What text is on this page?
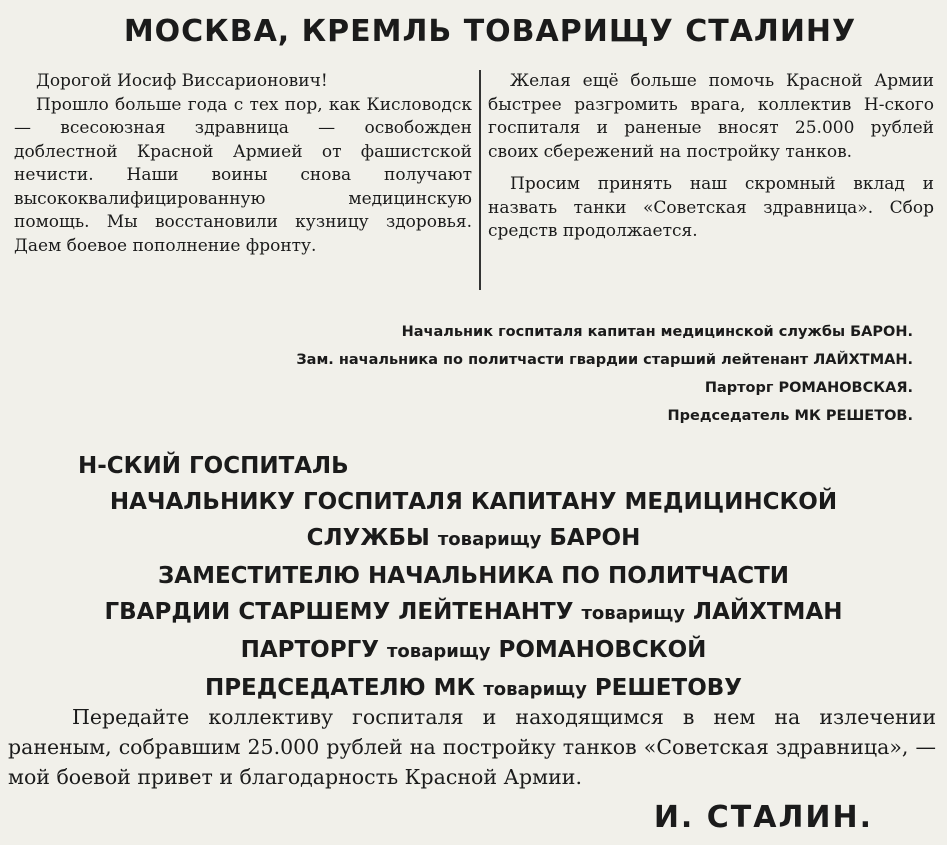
МОСКВА, КРЕМЛЬ ТОВАРИЩУ СТАЛИНУ

Дорогой Иосиф Виссарионович!

Прошло больше года с тех пор, как Кисловодск — всесоюзная здравница — освобожден доблестной Красной Армией от фашистской нечисти. Наши воины снова получают высококвалифицированную медицинскую помощь. Мы восстановили кузницу здоровья. Даем боевое пополнение фронту.

Желая ещё больше помочь Красной Армии быстрее разгромить врага, коллектив Н-ского госпиталя и раненые вносят 25.000 рублей своих сбережений на постройку танков.

Просим принять наш скромный вклад и назвать танки «Советская здравница». Сбор средств продолжается.

Начальник госпиталя капитан медицинской службы БАРОН.
Зам. начальника по политчасти гвардии старший лейтенант ЛАЙХТМАН.
Парторг РОМАНОВСКАЯ.
Председатель МК РЕШЕТОВ.
Н-СКИЙ ГОСПИТАЛЬ
НАЧАЛЬНИКУ ГОСПИТАЛЯ КАПИТАНУ МЕДИЦИНСКОЙ
СЛУЖБЫ товарищу БАРОН
ЗАМЕСТИТЕЛЮ НАЧАЛЬНИКА ПО ПОЛИТЧАСТИ
ГВАРДИИ СТАРШЕМУ ЛЕЙТЕНАНТУ товарищу ЛАЙХТМАН
ПАРТОРГУ товарищу РОМАНОВСКОЙ
ПРЕДСЕДАТЕЛЮ МК товарищу РЕШЕТОВУ
Передайте коллективу госпиталя и находящимся в нем на излечении раненым, собравшим 25.000 рублей на постройку танков «Советская здравница», — мой боевой привет и благодарность Красной Армии.
И. СТАЛИН.
